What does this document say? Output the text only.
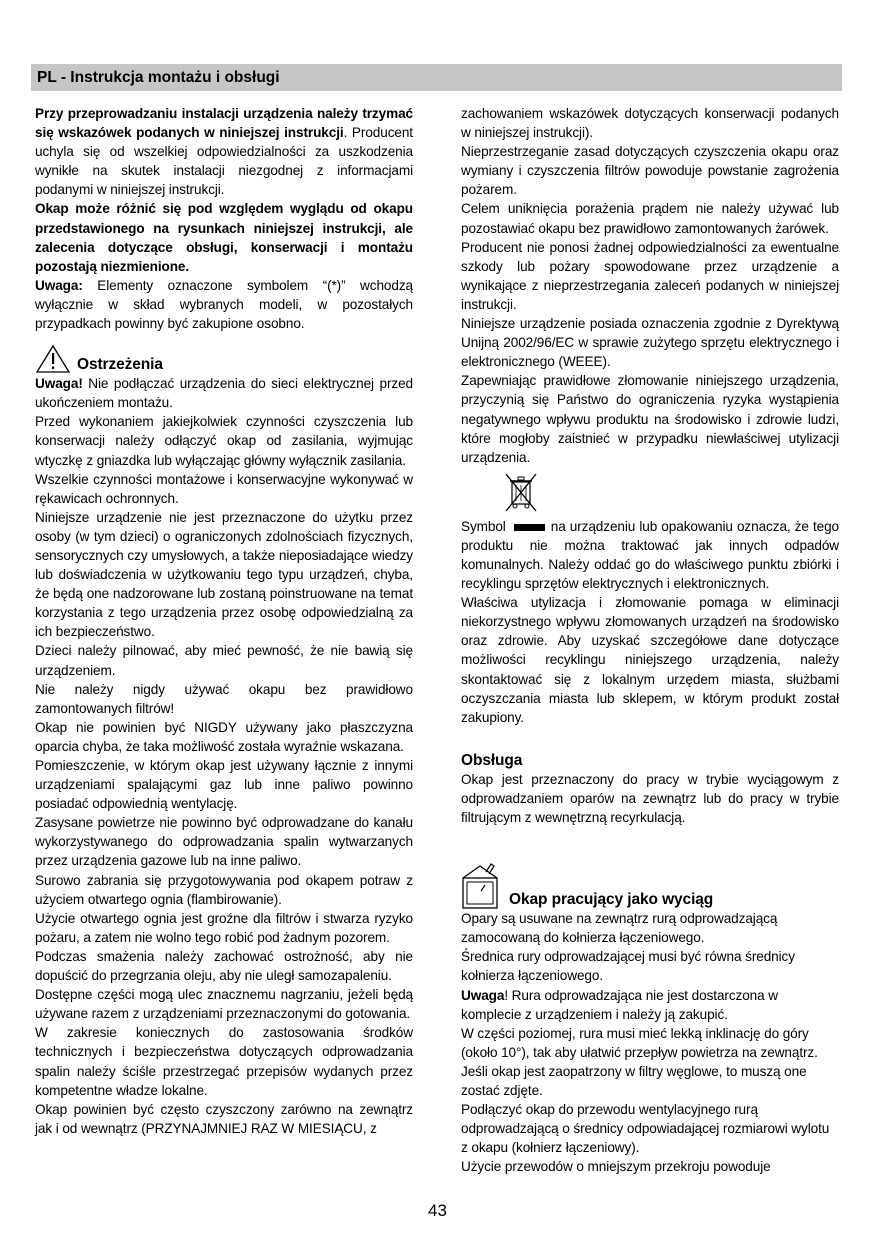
PL - Instrukcja montażu i obsługi

Przy przeprowadzaniu instalacji urządzenia należy trzymać się wskazówek podanych w niniejszej instrukcji. Producent uchyla się od wszelkiej odpowiedzialności za uszkodzenia wynikłe na skutek instalacji niezgodnej z informacjami podanymi w niniejszej instrukcji.

Okap może różnić się pod względem wyglądu od okapu przedstawionego na rysunkach niniejszej instrukcji, ale zalecenia dotyczące obsługi, konserwacji i montażu pozostają niezmienione.

Uwaga: Elementy oznaczone symbolem “(*)” wchodzą wyłącznie w skład wybranych modeli, w pozostałych przypadkach powinny być zakupione osobno.

Ostrzeżenia

Uwaga! Nie podłączać urządzenia do sieci elektrycznej przed ukończeniem montażu.

Przed wykonaniem jakiejkolwiek czynności czyszczenia lub konserwacji należy odłączyć okap od zasilania, wyjmując wtyczkę z gniazdka lub wyłączając główny wyłącznik zasilania.

Wszelkie czynności montażowe i konserwacyjne wykonywać w rękawicach ochronnych.

Niniejsze urządzenie nie jest przeznaczone do użytku przez osoby (w tym dzieci) o ograniczonych zdolnościach fizycznych, sensorycznych czy umysłowych, a także nieposiadające wiedzy lub doświadczenia w użytkowaniu tego typu urządzeń, chyba, że będą one nadzorowane lub zostaną poinstruowane na temat korzystania z tego urządzenia przez osobę odpowiedzialną za ich bezpieczeństwo.

Dzieci należy pilnować, aby mieć pewność, że nie bawią się urządzeniem.

Nie należy nigdy używać okapu bez prawidłowo zamontowanych filtrów!

Okap nie powinien być NIGDY używany jako płaszczyzna oparcia chyba, że taka możliwość została wyraźnie wskazana.

Pomieszczenie, w którym okap jest używany łącznie z innymi urządzeniami spalającymi gaz lub inne paliwo powinno posiadać odpowiednią wentylację.

Zasysane powietrze nie powinno być odprowadzane do kanału wykorzystywanego do odprowadzania spalin wytwarzanych przez urządzenia gazowe lub na inne paliwo.

Surowo zabrania się przygotowywania pod okapem potraw z użyciem otwartego ognia (flambirowanie).

Użycie otwartego ognia jest groźne dla filtrów i stwarza ryzyko pożaru, a zatem nie wolno tego robić pod żadnym pozorem.

Podczas smażenia należy zachować ostrożność, aby nie dopuścić do przegrzania oleju, aby nie uległ samozapaleniu.

Dostępne części mogą ulec znacznemu nagrzaniu, jeżeli będą używane razem z urządzeniami przeznaczonymi do gotowania.

W zakresie koniecznych do zastosowania środków technicznych i bezpieczeństwa dotyczących odprowadzania spalin należy ściśle przestrzegać przepisów wydanych przez kompetentne władze lokalne.

Okap powinien być często czyszczony zarówno na zewnątrz jak i od wewnątrz (PRZYNAJMNIEJ RAZ W MIESIĄCU, z

zachowaniem wskazówek dotyczących konserwacji podanych w niniejszej instrukcji).

Nieprzestrzeganie zasad dotyczących czyszczenia okapu oraz wymiany i czyszczenia filtrów powoduje powstanie zagrożenia pożarem.

Celem uniknięcia porażenia prądem nie należy używać lub pozostawiać okapu bez prawidłowo zamontowanych żarówek.

Producent nie ponosi żadnej odpowiedzialności za ewentualne szkody lub pożary spowodowane przez urządzenie a wynikające z nieprzestrzegania zaleceń podanych w niniejszej instrukcji.

Niniejsze urządzenie posiada oznaczenia zgodnie z Dyrektywą Unijną 2002/96/EC w sprawie zużytego sprzętu elektrycznego i elektronicznego (WEEE).

Zapewniając prawidłowe złomowanie niniejszego urządzenia, przyczynią się Państwo do ograniczenia ryzyka wystąpienia negatywnego wpływu produktu na środowisko i zdrowie ludzi, które mogłoby zaistnieć w przypadku niewłaściwej utylizacji urządzenia.

Symbol	na urządzeniu lub opakowaniu oznacza, że tego produktu nie można traktować jak innych odpadów komunalnych. Należy oddać go do właściwego punktu zbiórki i recyklingu sprzętów elektrycznych i elektronicznych.

Właściwa utylizacja i złomowanie pomaga w eliminacji niekorzystnego wpływu złomowanych urządzeń na środowisko oraz zdrowie. Aby uzyskać szczegółowe dane dotyczące możliwości recyklingu niniejszego urządzenia, należy skontaktować się z lokalnym urzędem miasta, służbami oczyszczania miasta lub sklepem, w którym produkt został zakupiony.

Obsługa

Okap jest przeznaczony do pracy w trybie wyciągowym z odprowadzaniem oparów na zewnątrz lub do pracy w trybie filtrującym z wewnętrzną recyrkulacją.

Okap pracujący jako wyciąg

Opary są usuwane na zewnątrz rurą odprowadzającą zamocowaną do kołnierza łączeniowego.

Średnica rury odprowadzającej musi być równa średnicy kołnierza łączeniowego.

Uwaga! Rura odprowadzająca nie jest dostarczona w komplecie z urządzeniem i należy ją zakupić.

W części poziomej, rura musi mieć lekką inklinację do góry (około 10°), tak aby ułatwić przepływ powietrza na zewnątrz.

Jeśli okap jest zaopatrzony w filtry węglowe, to muszą one zostać zdjęte.

Podłączyć okap do przewodu wentylacyjnego rurą odprowadzającą o średnicy odpowiadającej rozmiarowi wylotu z okapu (kołnierz łączeniowy).

Użycie przewodów o mniejszym przekroju powoduje

43
